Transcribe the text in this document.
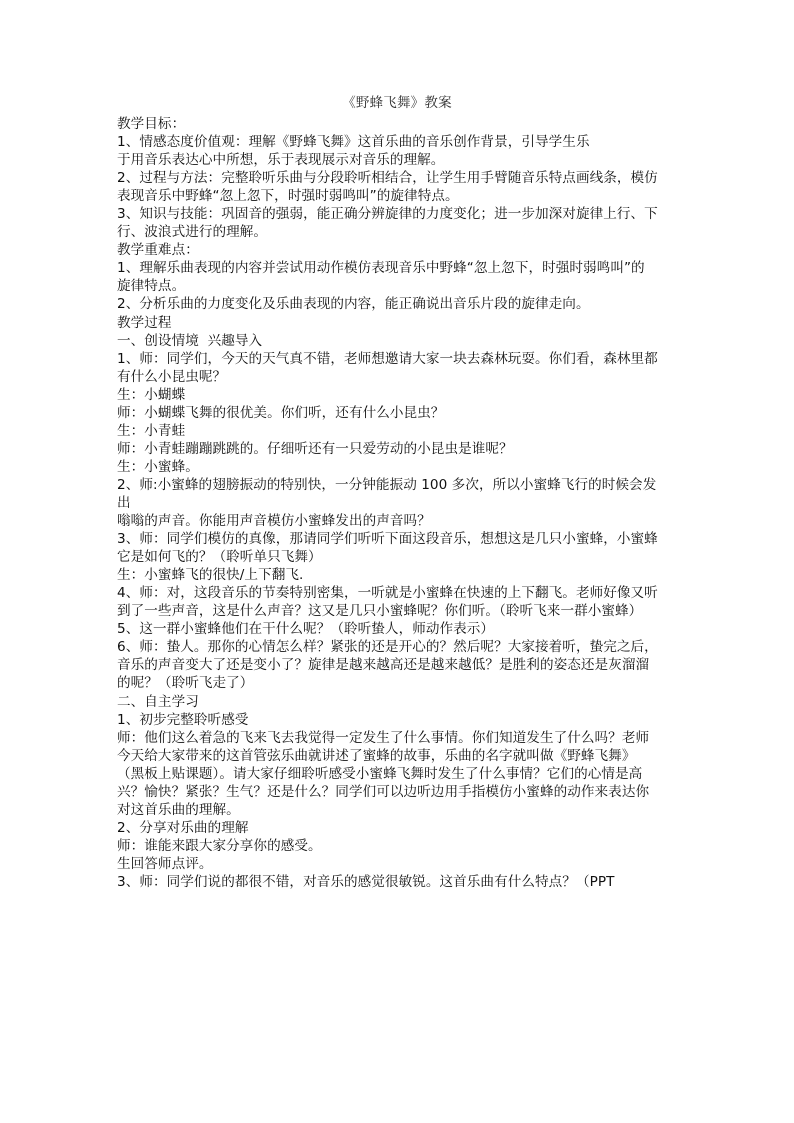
《野蜂飞舞》教案
教学目标：
1、情感态度价值观：理解《野蜂飞舞》这首乐曲的音乐创作背景，引导学生乐
于用音乐表达心中所想，乐于表现展示对音乐的理解。
2、过程与方法：完整聆听乐曲与分段聆听相结合，让学生用手臂随音乐特点画线条，模仿
表现音乐中野蜂“忽上忽下，时强时弱鸣叫”的旋律特点。
3、知识与技能：巩固音的强弱，能正确分辨旋律的力度变化；进一步加深对旋律上行、下
行、波浪式进行的理解。
教学重难点：
1、理解乐曲表现的内容并尝试用动作模仿表现音乐中野蜂“忽上忽下，时强时弱鸣叫”的
旋律特点。
2、分析乐曲的力度变化及乐曲表现的内容，能正确说出音乐片段的旋律走向。
教学过程
一、创设情境  兴趣导入
1、师：同学们，今天的天气真不错，老师想邀请大家一块去森林玩耍。你们看，森林里都
有什么小昆虫呢？
生：小蝴蝶
师：小蝴蝶飞舞的很优美。你们听，还有什么小昆虫？
生：小青蛙
师：小青蛙蹦蹦跳跳的。仔细听还有一只爱劳动的小昆虫是谁呢？
生：小蜜蜂。
2、师:小蜜蜂的翅膀振动的特别快，一分钟能振动 100 多次，所以小蜜蜂飞行的时候会发
出
嗡嗡的声音。你能用声音模仿小蜜蜂发出的声音吗？
3、师：同学们模仿的真像，那请同学们听听下面这段音乐，想想这是几只小蜜蜂，小蜜蜂
它是如何飞的？（聆听单只飞舞）
生：小蜜蜂飞的很快/上下翻飞.
4、师：对，这段音乐的节奏特别密集，一听就是小蜜蜂在快速的上下翻飞。老师好像又听
到了一些声音，这是什么声音？这又是几只小蜜蜂呢？你们听。（聆听飞来一群小蜜蜂）
5、这一群小蜜蜂他们在干什么呢？（聆听蛰人，师动作表示）
6、师：蛰人。那你的心情怎么样？紧张的还是开心的？然后呢？大家接着听，蛰完之后，
音乐的声音变大了还是变小了？旋律是越来越高还是越来越低？是胜利的姿态还是灰溜溜
的呢？（聆听飞走了）
二、自主学习
1、初步完整聆听感受
师：他们这么着急的飞来飞去我觉得一定发生了什么事情。你们知道发生了什么吗？老师
今天给大家带来的这首管弦乐曲就讲述了蜜蜂的故事，乐曲的名字就叫做《野蜂飞舞》
（黑板上贴课题）。请大家仔细聆听感受小蜜蜂飞舞时发生了什么事情？它们的心情是高
兴？愉快？紧张？生气？还是什么？同学们可以边听边用手指模仿小蜜蜂的动作来表达你
对这首乐曲的理解。
2、分享对乐曲的理解
师：谁能来跟大家分享你的感受。
生回答师点评。
3、师：同学们说的都很不错，对音乐的感觉很敏锐。这首乐曲有什么特点？（PPT
